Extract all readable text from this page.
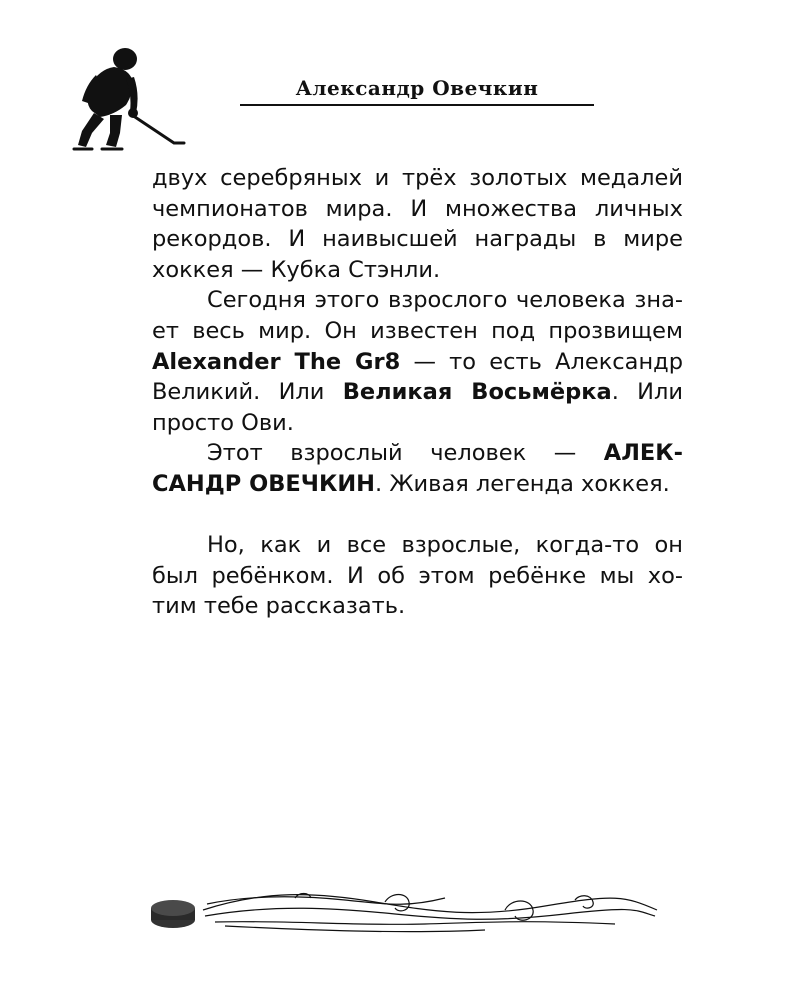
Александр Овечкин
двух серебряных и трёх золотых медалей
чемпионатов мира. И множества личных
рекордов. И наивысшей награды в мире
хоккея — Кубка Стэнли.
Сегодня этого взрослого человека зна-
ет весь мир. Он известен под прозвищем
Alexander The Gr8 — то есть Александр
Великий. Или Великая Восьмёрка. Или
просто Ови.
Этот взрослый человек — АЛЕК-
САНДР ОВЕЧКИН. Живая легенда хоккея.
Но, как и все взрослые, когда-то он
был ребёнком. И об этом ребёнке мы хо-
тим тебе рассказать.
